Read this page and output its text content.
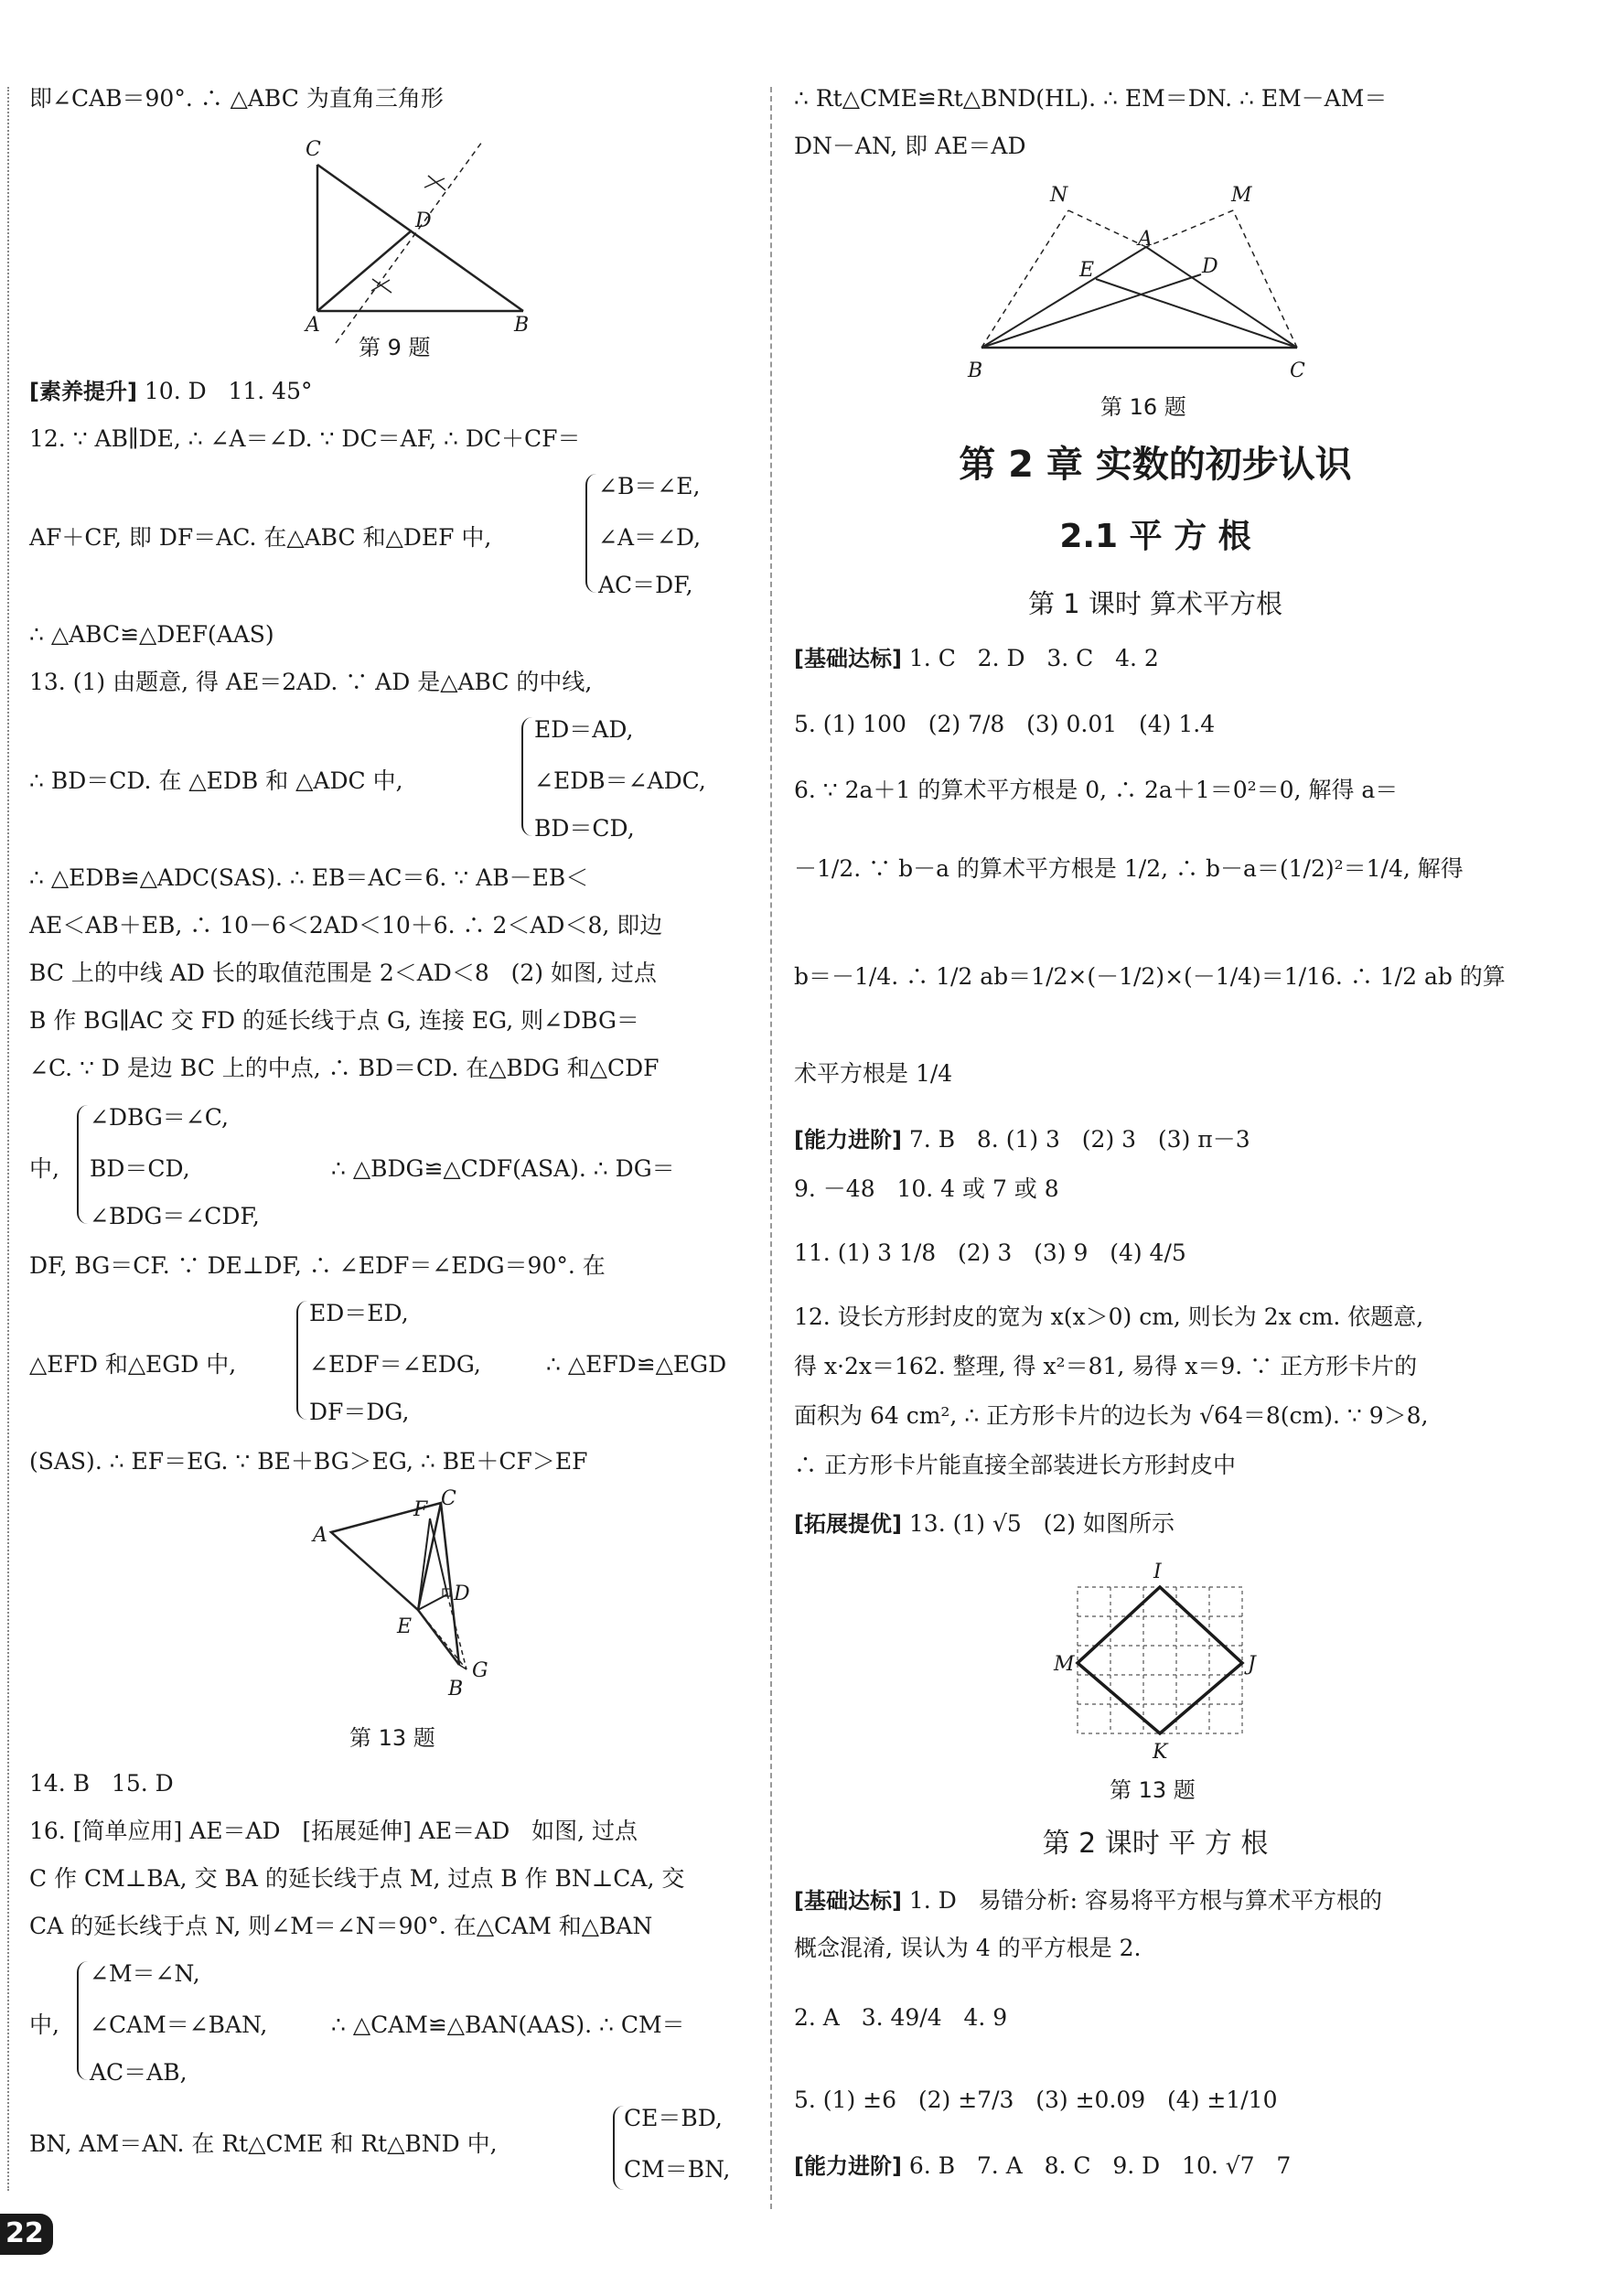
即∠CAB＝90°. ∴ △ABC 为直角三角形
C
D
A	B
第 9 题
[素养提升] 10. D   11. 45°
12. ∵ AB∥DE, ∴ ∠A＝∠D. ∵ DC＝AF, ∴ DC＋CF＝
AF＋CF, 即 DF＝AC. 在△ABC 和△DEF 中,
∠B＝∠E,
∠A＝∠D,
AC＝DF,
∴ △ABC≌△DEF(AAS)
13. (1) 由题意, 得 AE＝2AD. ∵ AD 是△ABC 的中线,
∴ BD＝CD. 在 △EDB 和 △ADC 中,
ED＝AD,
∠EDB＝∠ADC,
BD＝CD,
∴ △EDB≌△ADC(SAS). ∴ EB＝AC＝6. ∵ AB－EB＜
AE＜AB＋EB, ∴ 10－6＜2AD＜10＋6. ∴ 2＜AD＜8, 即边
BC 上的中线 AD 长的取值范围是 2＜AD＜8   (2) 如图, 过点
B 作 BG∥AC 交 FD 的延长线于点 G, 连接 EG, 则∠DBG＝
∠C. ∵ D 是边 BC 上的中点, ∴ BD＝CD. 在△BDG 和△CDF
中,
∠DBG＝∠C,
BD＝CD,
∠BDG＝∠CDF,
∴ △BDG≌△CDF(ASA). ∴ DG＝
DF, BG＝CF. ∵ DE⊥DF, ∴ ∠EDF＝∠EDG＝90°. 在
△EFD 和△EGD 中,
ED＝ED,
∠EDF＝∠EDG,
DF＝DG,
∴ △EFD≌△EGD
(SAS). ∴ EF＝EG. ∵ BE＋BG＞EG, ∴ BE＋CF＞EF
F C
A
D
E
G
B
第 13 题
14. B   15. D
16. [简单应用] AE＝AD   [拓展延伸] AE＝AD   如图, 过点
C 作 CM⊥BA, 交 BA 的延长线于点 M, 过点 B 作 BN⊥CA, 交
CA 的延长线于点 N, 则∠M＝∠N＝90°. 在△CAM 和△BAN
中,
∠M＝∠N,
∠CAM＝∠BAN,
AC＝AB,
∴ △CAM≌△BAN(AAS). ∴ CM＝
BN, AM＝AN. 在 Rt△CME 和 Rt△BND 中,
CE＝BD,
CM＝BN,
∴ Rt△CME≌Rt△BND(HL). ∴ EM＝DN. ∴ EM－AM＝
DN－AN, 即 AE＝AD
N	M
A
E	D
B	C
第 16 题
第 2 章 实数的初步认识
2.1 平 方 根
第 1 课时 算术平方根
[基础达标] 1. C   2. D   3. C   4. 2
5. (1) 100   (2) 7/8   (3) 0.01   (4) 1.4
6. ∵ 2a＋1 的算术平方根是 0, ∴ 2a＋1＝0²＝0, 解得 a＝
－1/2. ∵ b－a 的算术平方根是 1/2, ∴ b－a＝(1/2)²＝1/4, 解得
b＝－1/4. ∴ 1/2 ab＝1/2×(－1/2)×(－1/4)＝1/16. ∴ 1/2 ab 的算
术平方根是 1/4
[能力进阶] 7. B   8. (1) 3   (2) 3   (3) π－3
9. －48   10. 4 或 7 或 8
11. (1) 3 1/8   (2) 3   (3) 9   (4) 4/5
12. 设长方形封皮的宽为 x(x＞0) cm, 则长为 2x cm. 依题意,
得 x·2x＝162. 整理, 得 x²＝81, 易得 x＝9. ∵ 正方形卡片的
面积为 64 cm², ∴ 正方形卡片的边长为 √64＝8(cm). ∵ 9＞8,
∴ 正方形卡片能直接全部装进长方形封皮中
[拓展提优] 13. (1) √5   (2) 如图所示
I
M	J
K
第 13 题
第 2 课时 平 方 根
[基础达标] 1. D   易错分析: 容易将平方根与算术平方根的
概念混淆, 误认为 4 的平方根是 2.
2. A   3. 49/4   4. 9
5. (1) ±6   (2) ±7/3   (3) ±0.09   (4) ±1/10
[能力进阶] 6. B   7. A   8. C   9. D   10. √7   7
22
